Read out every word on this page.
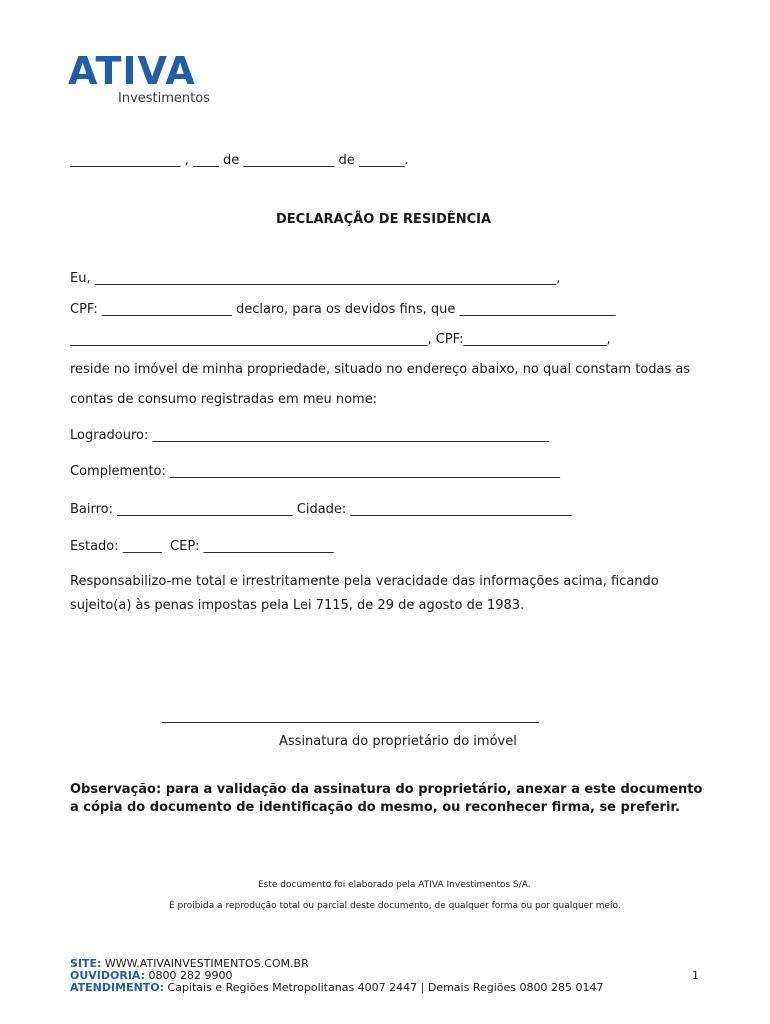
ATIVA
Investimentos
_________________ , ____ de ______________ de _______.
DECLARAÇÃO DE RESIDÊNCIA
Eu, _______________________________________________________________________,
CPF: ____________________ declaro, para os devidos fins, que ________________________
_______________________________________________________, CPF:______________________,
reside no imóvel de minha propriedade, situado no endereço abaixo, no qual constam todas as
contas de consumo registradas em meu nome:
Logradouro: _____________________________________________________________
Complemento: ____________________________________________________________
Bairro: ___________________________ Cidade: __________________________________
Estado: ______  CEP: ____________________
Responsabilizo-me total e irrestritamente pela veracidade das informações acima, ficando
sujeito(a) às penas impostas pela Lei 7115, de 29 de agosto de 1983.
__________________________________________________________
Assinatura do proprietário do imóvel
Observação: para a validação da assinatura do proprietário, anexar a este documento
a cópia do documento de identificação do mesmo, ou reconhecer firma, se preferir.
Este documento foi elaborado pela ATIVA Investimentos S/A.
É proibida a reprodução total ou parcial deste documento, de qualquer forma ou por qualquer meio.
SITE: WWW.ATIVAINVESTIMENTOS.COM.BR
OUVIDORIA: 0800 282 9900
ATENDIMENTO: Capitais e Regiões Metropolitanas 4007 2447 | Demais Regiões 0800 285 0147
1
